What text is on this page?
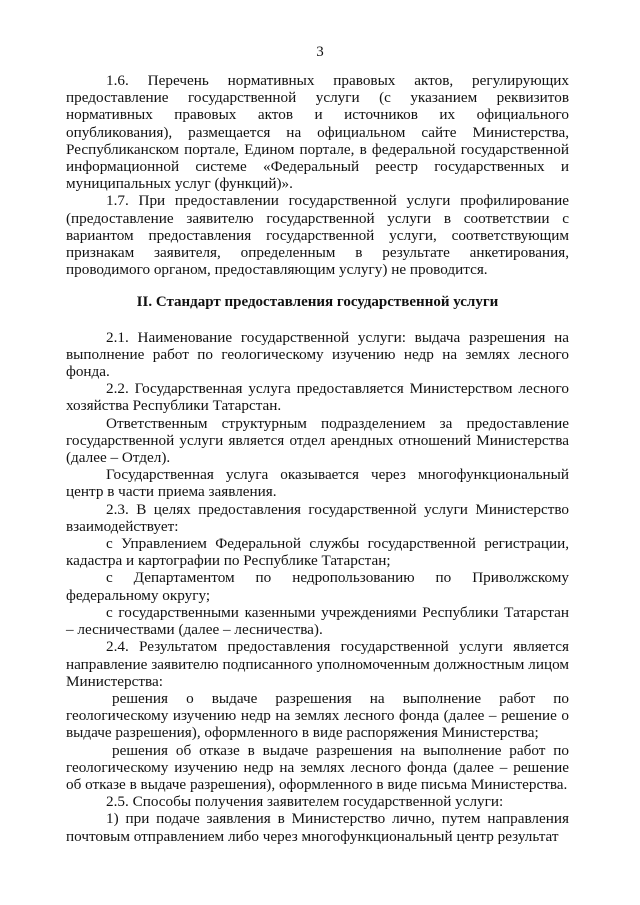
3

1.6. Перечень нормативных правовых актов, регулирующих предоставление государственной услуги (с указанием реквизитов нормативных правовых актов и источников их официального опубликования), размещается на официальном сайте Министерства, Республиканском портале, Едином портале, в федеральной государственной информационной системе «Федеральный реестр государственных и муниципальных услуг (функций)».

1.7. При предоставлении государственной услуги профилирование (предоставление заявителю государственной услуги в соответствии с вариантом предоставления государственной услуги, соответствующим признакам заявителя, определенным в результате анкетирования, проводимого органом, предоставляющим услугу) не проводится.

II. Стандарт предоставления государственной услуги

2.1. Наименование государственной услуги: выдача разрешения на выполнение работ по геологическому изучению недр на землях лесного фонда.

2.2. Государственная услуга предоставляется Министерством лесного хозяйства Республики Татарстан.

Ответственным структурным подразделением за предоставление государственной услуги является отдел арендных отношений Министерства (далее – Отдел).

Государственная услуга оказывается через многофункциональный центр в части приема заявления.

2.3. В целях предоставления государственной услуги Министерство взаимодействует:

с Управлением Федеральной службы государственной регистрации, кадастра и картографии по Республике Татарстан;

с Департаментом по недропользованию по Приволжскому федеральному округу;

с государственными казенными учреждениями Республики Татарстан – лесничествами (далее – лесничества).

2.4. Результатом предоставления государственной услуги является направление заявителю подписанного уполномоченным должностным лицом Министерства:

решения о выдаче разрешения на выполнение работ по геологическому изучению недр на землях лесного фонда (далее – решение о выдаче разрешения), оформленного в виде распоряжения Министерства;

решения об отказе в выдаче разрешения на выполнение работ по геологическому изучению недр на землях лесного фонда (далее – решение об отказе в выдаче разрешения), оформленного в виде письма Министерства.

2.5. Способы получения заявителем государственной услуги:

1) при подаче заявления в Министерство лично, путем направления почтовым отправлением либо через многофункциональный центр результат
